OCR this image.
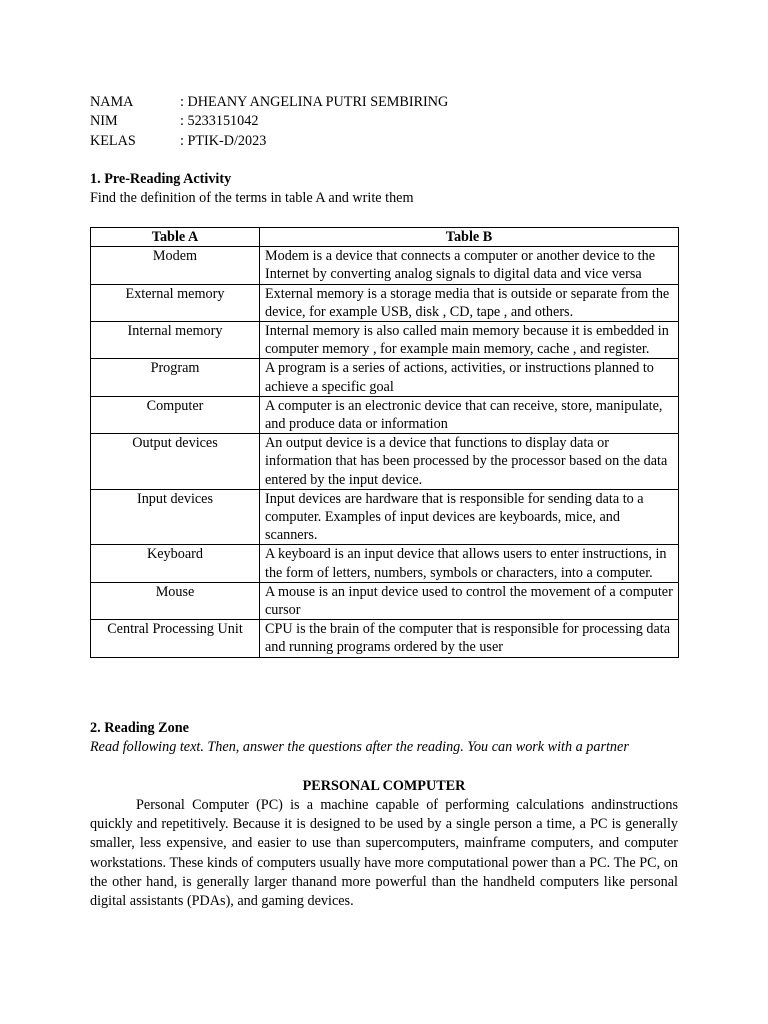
NAMA	: DHEANY ANGELINA PUTRI SEMBIRING
NIM	: 5233151042
KELAS	: PTIK-D/2023
1. Pre-Reading Activity
Find the definition of the terms in table A and write them
Table A	Table B
Modem	Modem is a device that connects a computer or another device to the Internet by converting analog signals to digital data and vice versa
External memory	External memory is a storage media that is outside or separate from the device, for example USB, disk , CD, tape , and others.
Internal memory	Internal memory is also called main memory because it is embedded in computer memory , for example main memory, cache , and register.
Program	A program is a series of actions, activities, or instructions planned to achieve a specific goal
Computer	A computer is an electronic device that can receive, store, manipulate, and produce data or information
Output devices	An output device is a device that functions to display data or information that has been processed by the processor based on the data entered by the input device.
Input devices	Input devices are hardware that is responsible for sending data to a computer. Examples of input devices are keyboards, mice, and scanners.
Keyboard	A keyboard is an input device that allows users to enter instructions, in the form of letters, numbers, symbols or characters, into a computer.
Mouse	A mouse is an input device used to control the movement of a computer cursor
Central Processing Unit	CPU is the brain of the computer that is responsible for processing data and running programs ordered by the user
2. Reading Zone
Read following text. Then, answer the questions after the reading. You can work with a partner
PERSONAL COMPUTER

Personal Computer (PC) is a machine capable of performing calculations andinstructions quickly and repetitively. Because it is designed to be used by a single person a time, a PC is generally smaller, less expensive, and easier to use than supercomputers, mainframe computers, and computer workstations. These kinds of computers usually have more computational power than a PC. The PC, on the other hand, is generally larger thanand more powerful than the handheld computers like personal digital assistants (PDAs), and gaming devices.
